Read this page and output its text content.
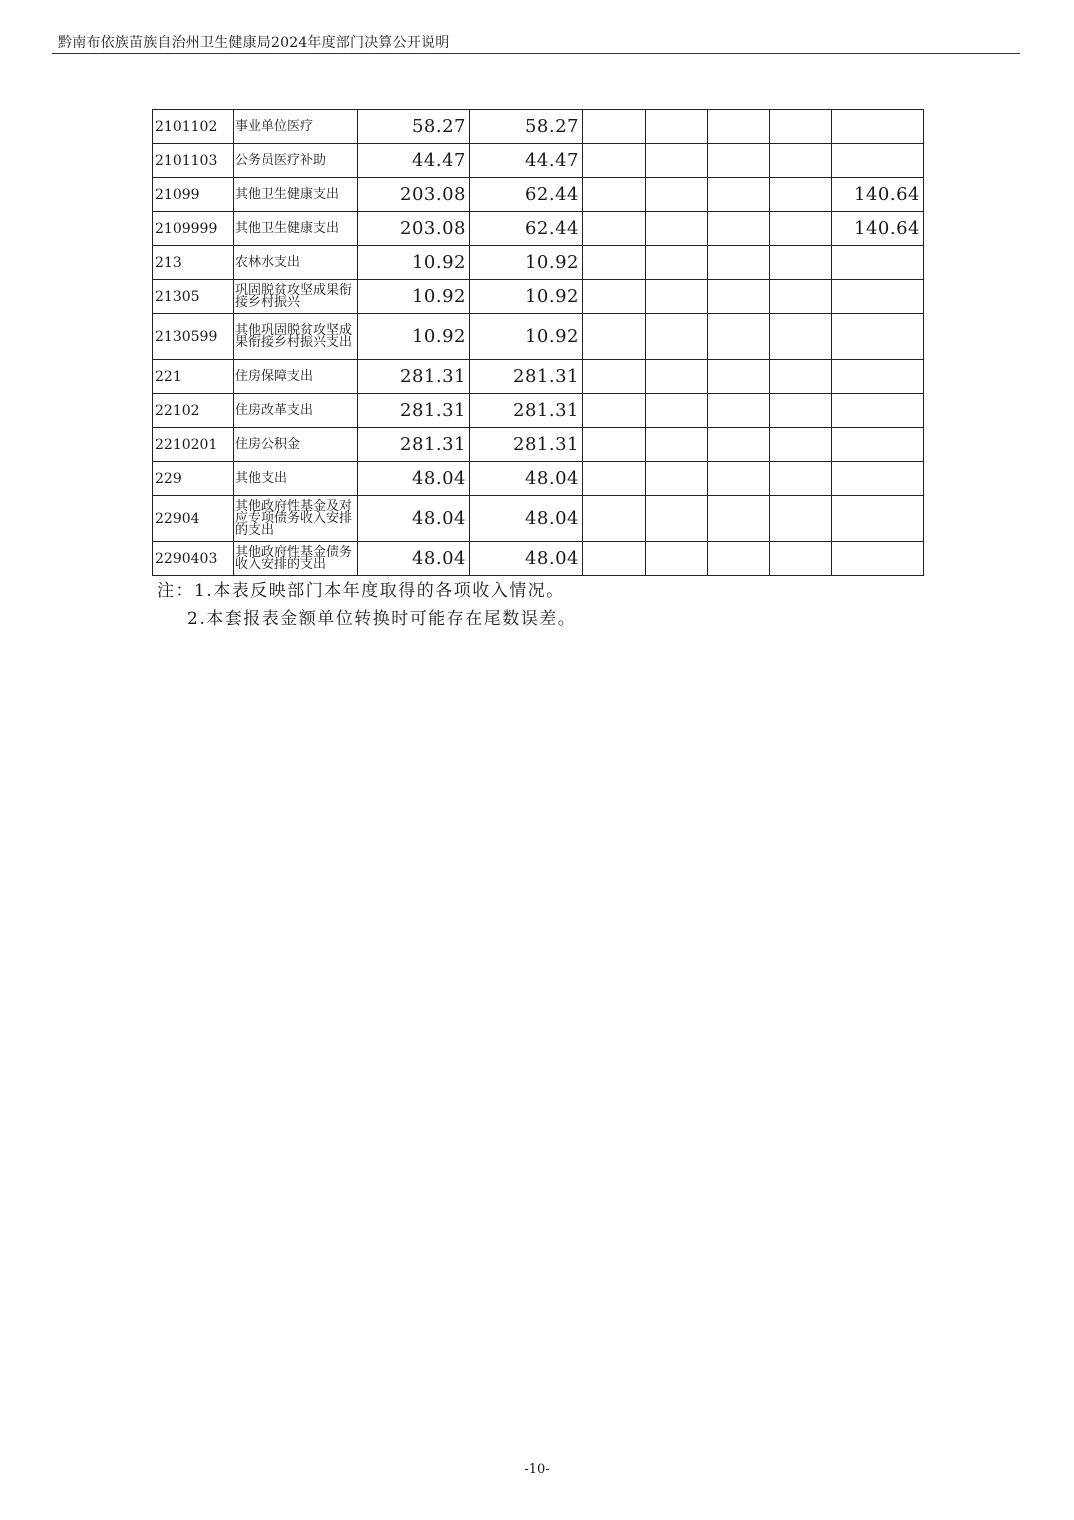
黔南布依族苗族自治州卫生健康局2024年度部门决算公开说明
2101102	事业单位医疗	58.27	58.27					
2101103	公务员医疗补助	44.47	44.47					
21099	其他卫生健康支出	203.08	62.44					140.64
2109999	其他卫生健康支出	203.08	62.44					140.64
213	农林水支出	10.92	10.92					
21305	巩固脱贫攻坚成果衔接乡村振兴	10.92	10.92					
2130599	其他巩固脱贫攻坚成果衔接乡村振兴支出	10.92	10.92					
221	住房保障支出	281.31	281.31					
22102	住房改革支出	281.31	281.31					
2210201	住房公积金	281.31	281.31					
229	其他支出	48.04	48.04					
22904	其他政府性基金及对应专项债务收入安排的支出	48.04	48.04					
2290403	其他政府性基金债务收入安排的支出	48.04	48.04					
注：1.本表反映部门本年度取得的各项收入情况。
2.本套报表金额单位转换时可能存在尾数误差。
-10-
